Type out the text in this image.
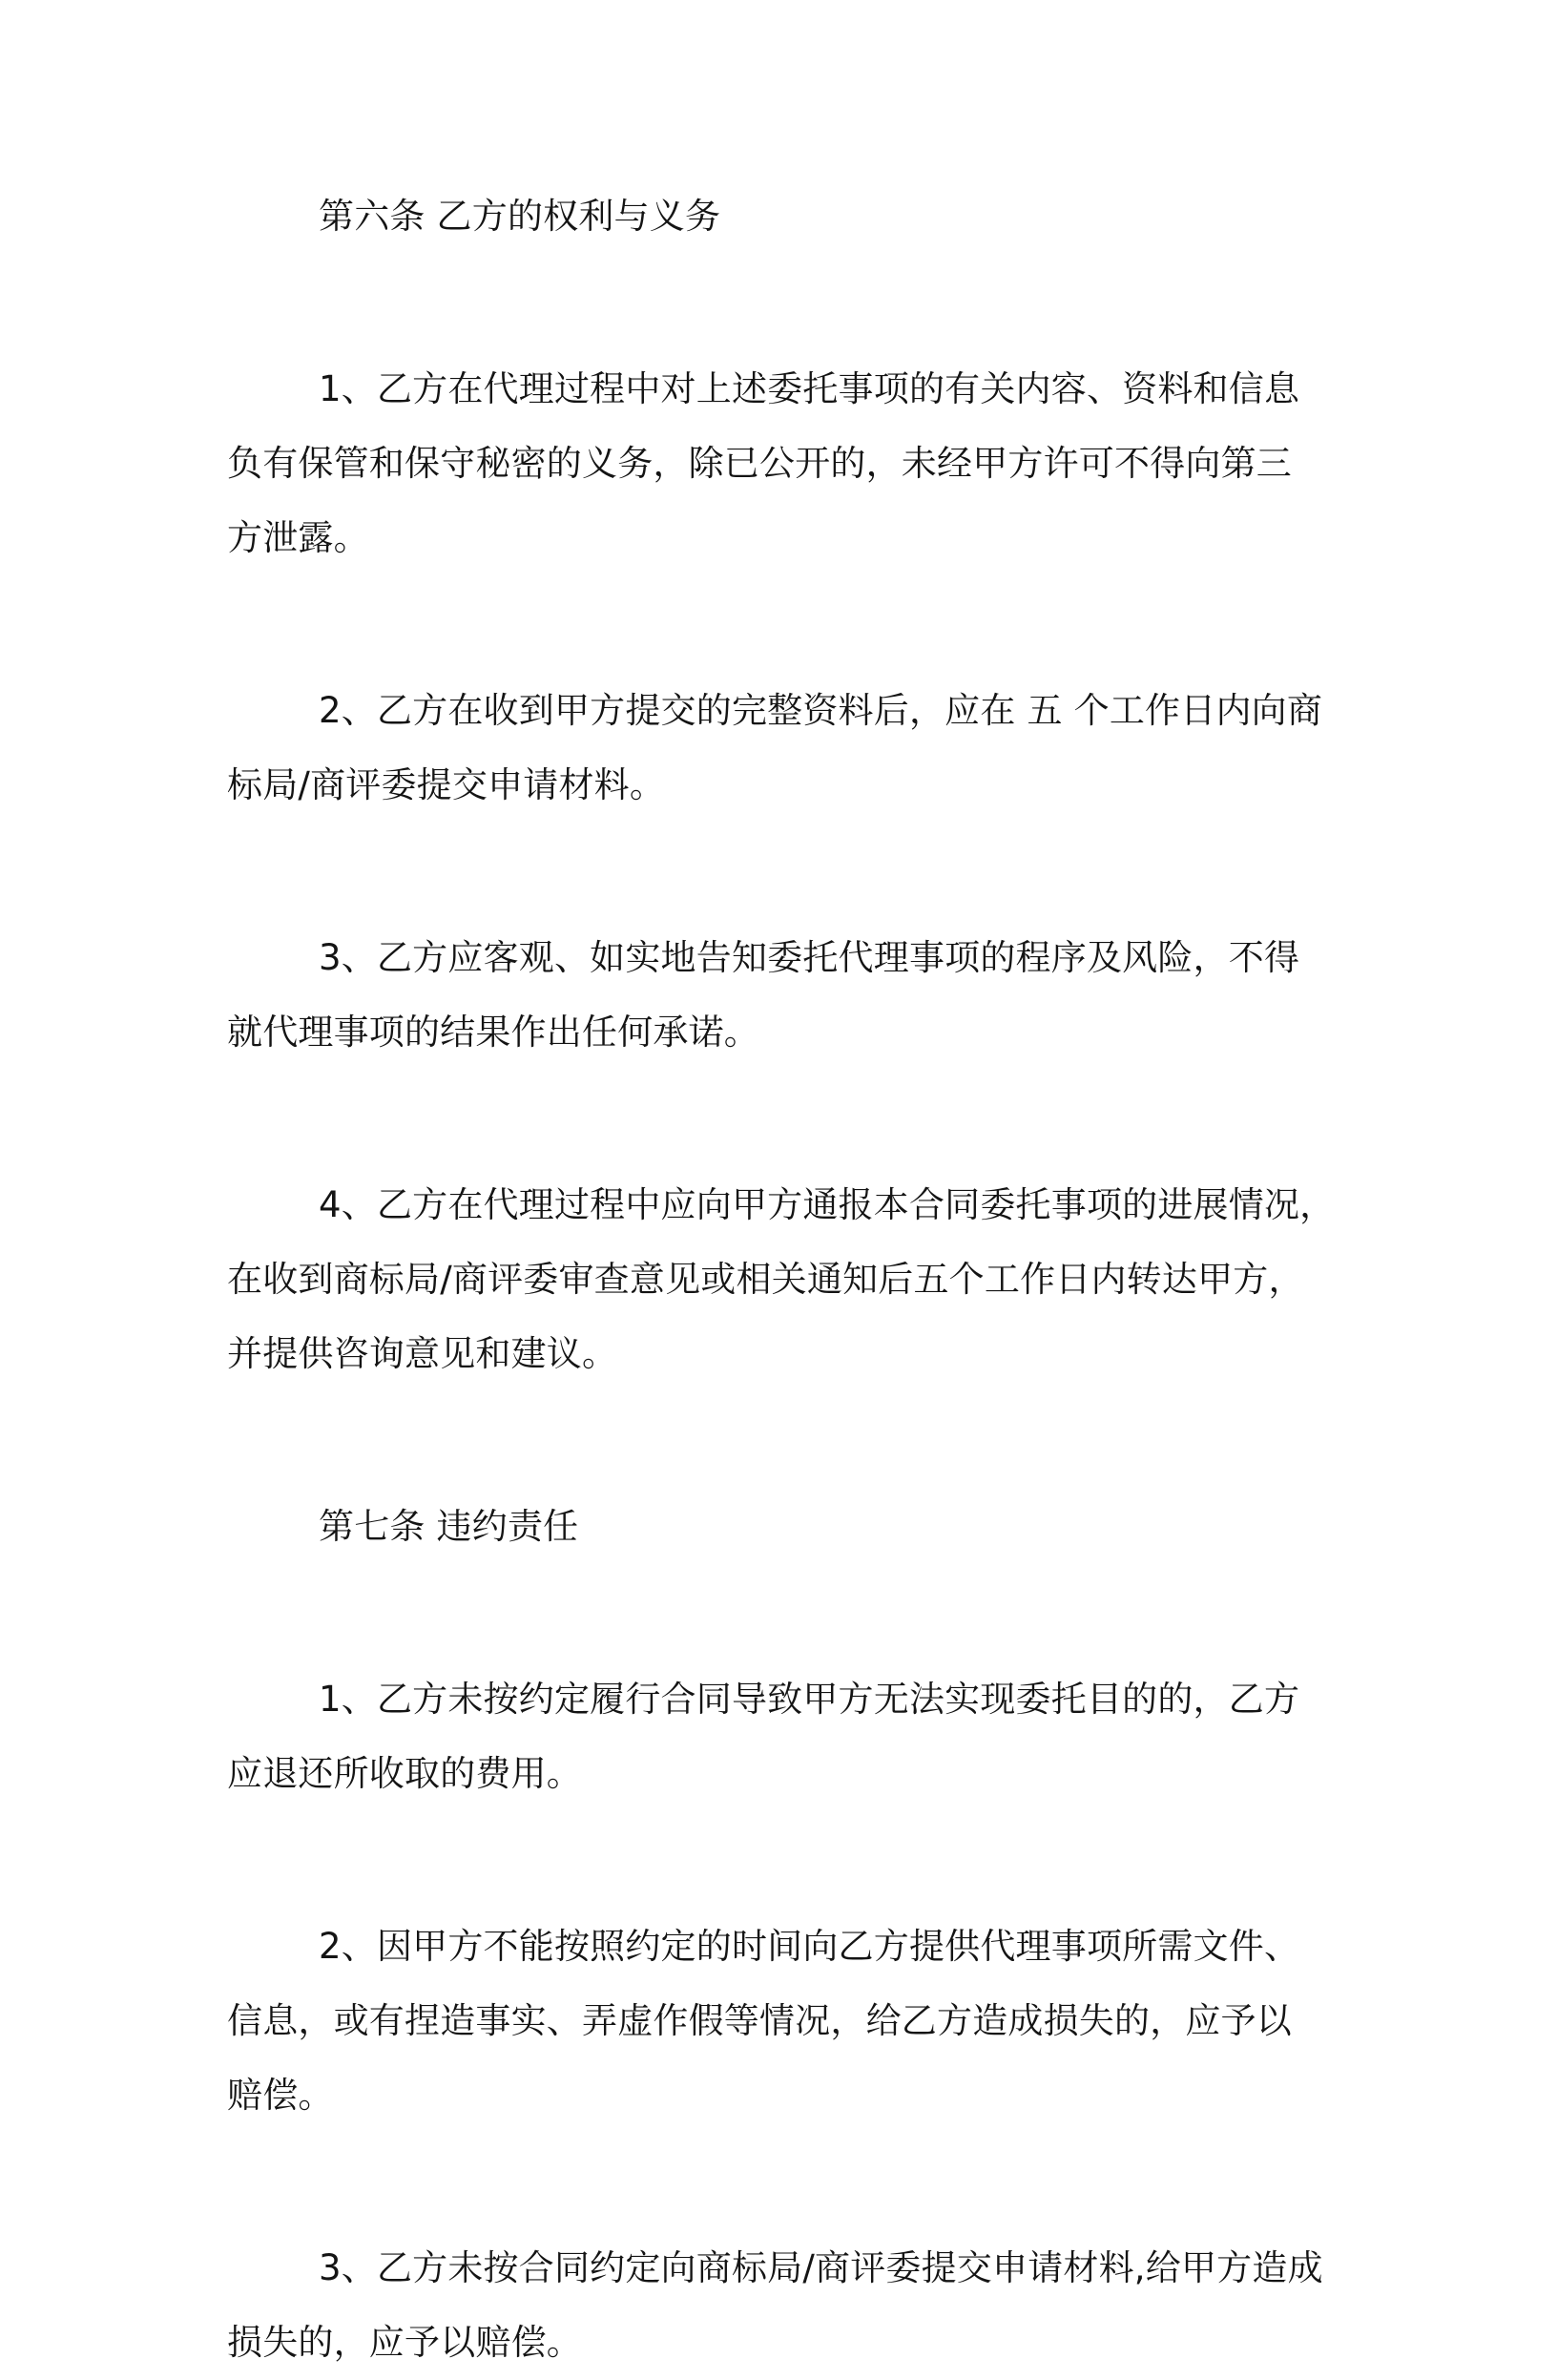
第六条 乙方的权利与义务

1、乙方在代理过程中对上述委托事项的有关内容、资料和信息

负有保管和保守秘密的义务，除已公开的，未经甲方许可不得向第三

方泄露。

2、乙方在收到甲方提交的完整资料后，应在 五 个工作日内向商

标局/商评委提交申请材料。

3、乙方应客观、如实地告知委托代理事项的程序及风险，不得

就代理事项的结果作出任何承诺。

4、乙方在代理过程中应向甲方通报本合同委托事项的进展情况，

在收到商标局/商评委审查意见或相关通知后五个工作日内转达甲方，

并提供咨询意见和建议。

第七条 违约责任

1、乙方未按约定履行合同导致甲方无法实现委托目的的，乙方

应退还所收取的费用。

2、因甲方不能按照约定的时间向乙方提供代理事项所需文件、

信息，或有捏造事实、弄虚作假等情况，给乙方造成损失的，应予以

赔偿。

3、乙方未按合同约定向商标局/商评委提交申请材料,给甲方造成

损失的，应予以赔偿。
